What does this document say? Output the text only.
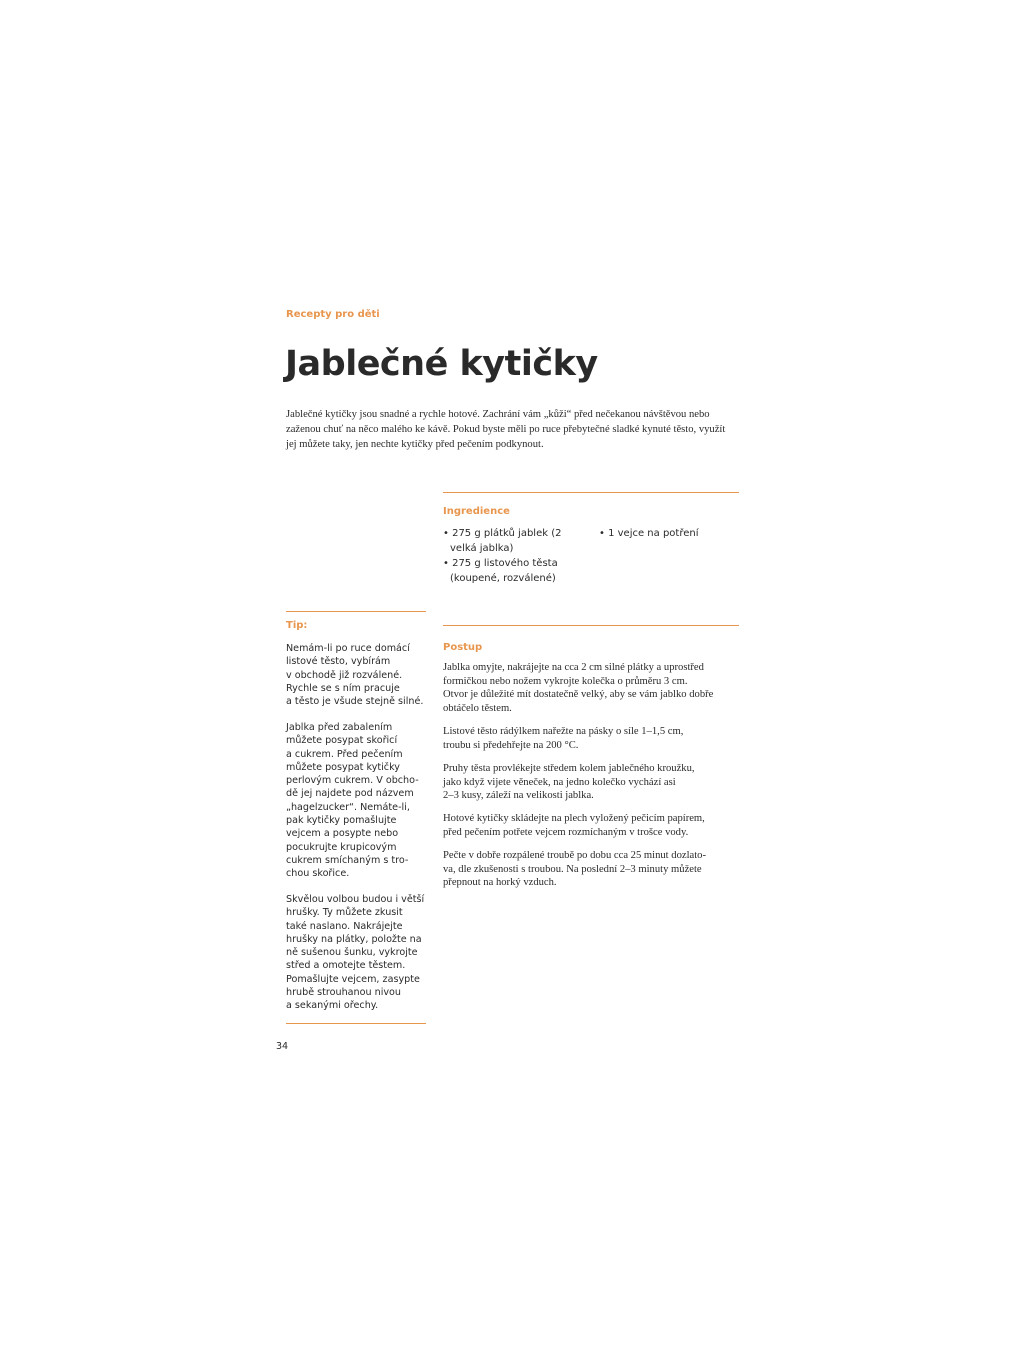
Recepty pro děti
Jablečné kytičky

Jablečné kytičky jsou snadné a rychle hotové. Zachrání vám „kůži“ před nečekanou návštěvou nebo zaženou chuť na něco malého ke kávě. Pokud byste měli po ruce přebytečné sladké kynuté těsto, využít jej můžete taky, jen nechte kytičky před pečením podkynout.

Ingredience
• 275 g plátků jablek (2 velká jablka)
• 275 g listového těsta (koupené, rozválené)
• 1 vejce na potření
Tip:

Nemám-li po ruce domácí
listové těsto, vybírám
v obchodě již rozválené.
Rychle se s ním pracuje
a těsto je všude stejně silné.

Jablka před zabalením
můžete posypat skořicí
a cukrem. Před pečením
můžete posypat kytičky
perlovým cukrem. V obcho-
dě jej najdete pod názvem
„hagelzucker“. Nemáte-li,
pak kytičky pomašlujte
vejcem a posypte nebo
pocukrujte krupicovým
cukrem smíchaným s tro-
chou skořice.

Skvělou volbou budou i větší
hrušky. Ty můžete zkusit
také naslano. Nakrájejte
hrušky na plátky, položte na
ně sušenou šunku, vykrojte
střed a omotejte těstem.
Pomašlujte vejcem, zasypte
hrubě strouhanou nivou
a sekanými ořechy.

Postup

Jablka omyjte, nakrájejte na cca 2 cm silné plátky a uprostřed
formičkou nebo nožem vykrojte kolečka o průměru 3 cm.
Otvor je důležité mít dostatečně velký, aby se vám jablko dobře
obtáčelo těstem.

Listové těsto rádýlkem nařežte na pásky o síle 1–1,5 cm,
troubu si předehřejte na 200 °C.

Pruhy těsta provlékejte středem kolem jablečného kroužku,
jako když vijete věneček, na jedno kolečko vychází asi
2–3 kusy, záleží na velikosti jablka.

Hotové kytičky skládejte na plech vyložený pečicím papírem,
před pečením potřete vejcem rozmíchaným v trošce vody.

Pečte v dobře rozpálené troubě po dobu cca 25 minut dozlato-
va, dle zkušenosti s troubou. Na poslední 2–3 minuty můžete
přepnout na horký vzduch.

34
